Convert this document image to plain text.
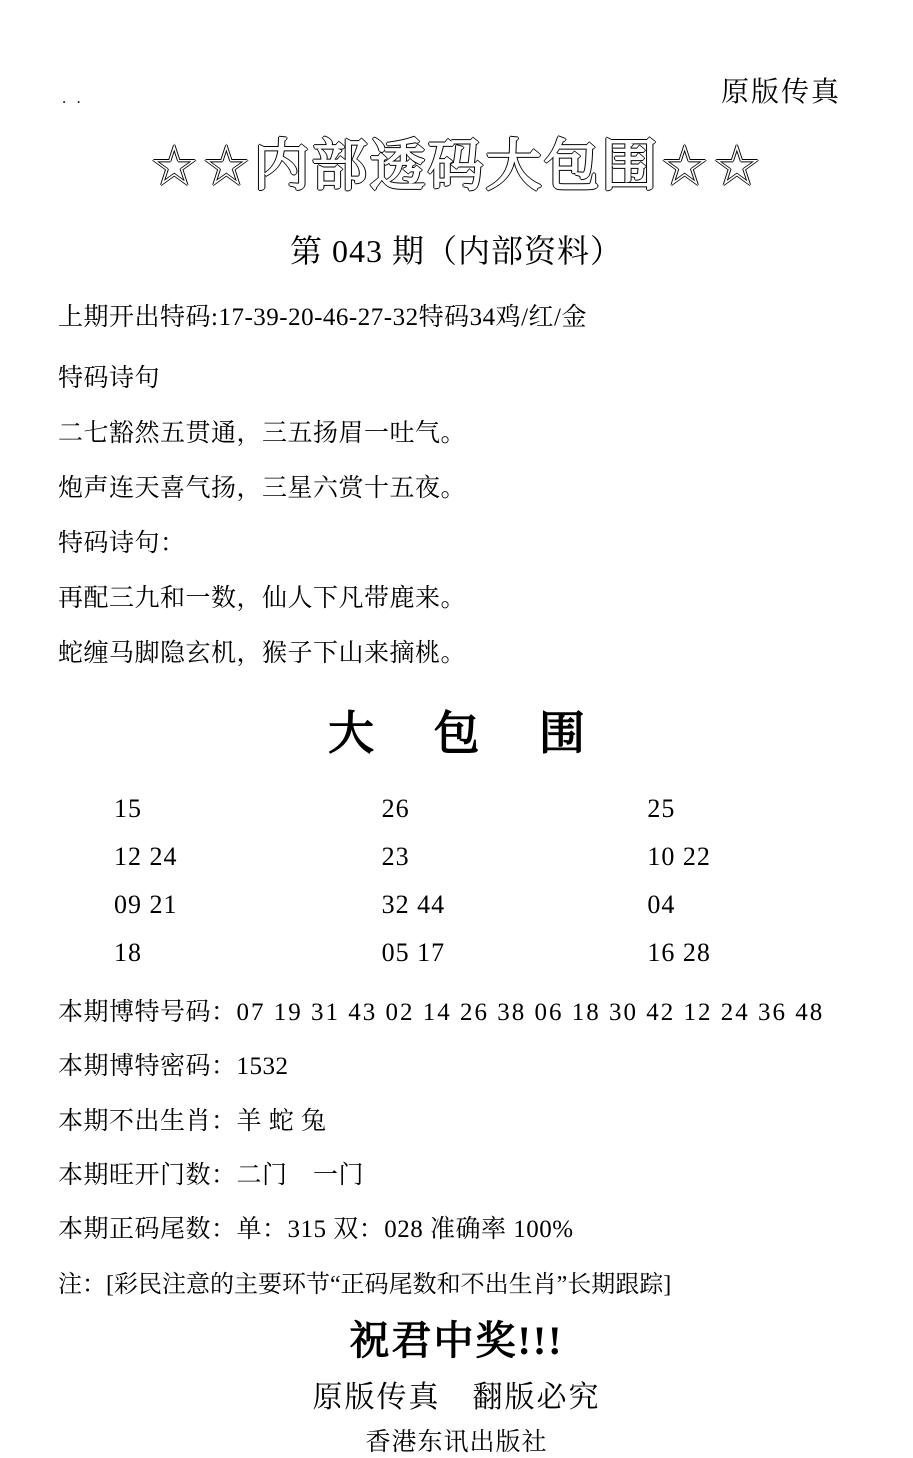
. .	原版传真
☆☆内部透码大包围☆☆
第 043 期（内部资料）
上期开出特码:17-39-20-46-27-32特码34鸡/红/金
特码诗句
二七豁然五贯通，三五扬眉一吐气。
炮声连天喜气扬，三星六赏十五夜。
特码诗句：
再配三九和一数，仙人下凡带鹿来。
蛇缠马脚隐玄机，猴子下山来摘桃。
大 包 围
15	26	25
12 24	23	10 22
09 21	32 44	04
18	05 17	16 28
本期博特号码：07 19 31 43 02 14 26 38 06 18 30 42 12 24 36 48
本期博特密码：1532
本期不出生肖：羊 蛇 兔
本期旺开门数：二门　一门
本期正码尾数：单：315 双：028 准确率 100%
注：[彩民注意的主要环节“正码尾数和不出生肖”长期跟踪]
祝君中奖!!!
原版传真　翻版必究
香港东讯出版社
